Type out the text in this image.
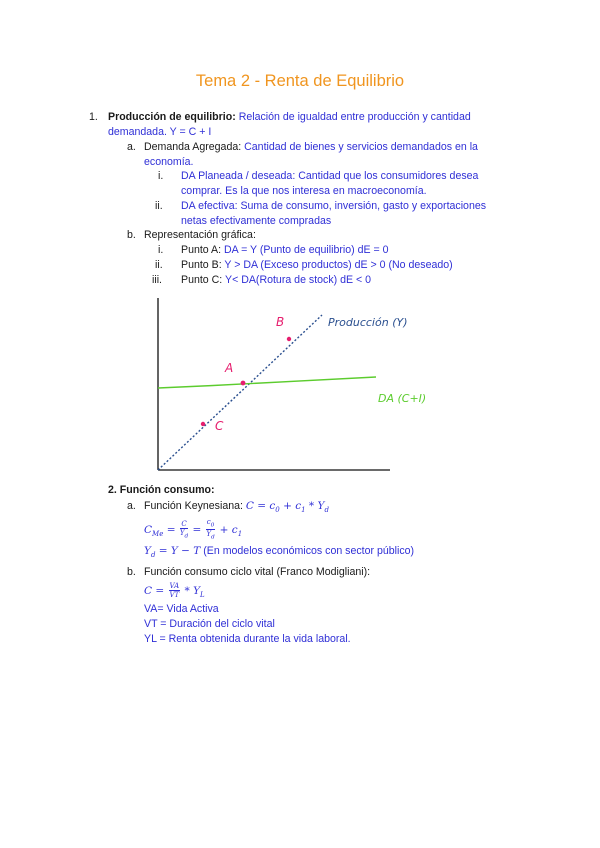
Tema 2 - Renta de Equilibrio
1. Producción de equilibrio: Relación de igualdad entre producción y cantidad
demandada. Y = C + I
a. Demanda Agregada: Cantidad de bienes y servicios demandados en la
economía.
i. DA Planeada / deseada: Cantidad que los consumidores desea
comprar. Es la que nos interesa en macroeconomía.
ii. DA efectiva: Suma de consumo, inversión, gasto y exportaciones
netas efectivamente compradas
b. Representación gráfica:
i. Punto A: DA = Y (Punto de equilibrio) dE = 0
ii. Punto B: Y > DA (Exceso productos) dE > 0 (No deseado)
iii. Punto C: Y< DA(Rotura de stock) dE < 0
A
B
C
Producción (Y)
DA (C+I)
2. Función consumo:
a. Función Keynesiana: $C = c_0 + c_1 * Y_d$
$C_{Me} = \frac{C}{Y_d} = \frac{c_0}{Y_d} + c_1$
$Y_d = Y - T$ (En modelos económicos con sector público)
b. Función consumo ciclo vital (Franco Modigliani):
$C = \frac{VA}{VT} * Y_L$
VA= Vida Activa
VT = Duración del ciclo vital
YL = Renta obtenida durante la vida laboral.
